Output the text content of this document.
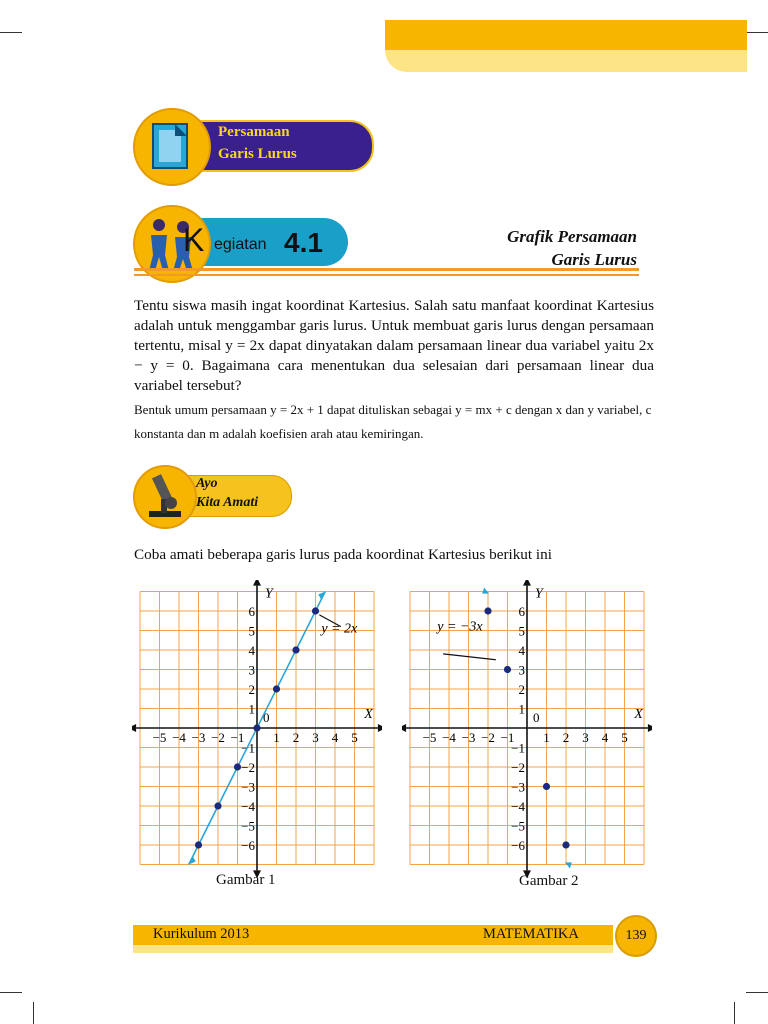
Persamaan
Garis Lurus
K egiatan 4.1	Grafik Persamaan
Garis Lurus
Tentu siswa masih ingat koordinat Kartesius. Salah satu manfaat koordinat Kartesius adalah untuk menggambar garis lurus. Untuk membuat garis lurus dengan persamaan tertentu, misal y = 2x dapat dinyatakan dalam persamaan linear dua variabel yaitu 2x − y = 0. Bagaimana cara menentukan dua selesaian dari persamaan linear dua variabel tersebut?
Bentuk umum persamaan y = 2x + 1 dapat dituliskan sebagai y = mx + c dengan x dan y variabel, c konstanta dan m adalah koefisien arah atau kemiringan.
Ayo
Kita Amati
Coba amati beberapa garis lurus pada koordinat Kartesius berikut ini
−5 −4 −3 −2 −1 1 2 3 4 5
−6
−5
−4
−3
−2
−1
1
2
3
4
5
6
0	X
Y
y = 2x
−5 −4 −3 −2 −1 1 2 3 4 5
−6
−5
−4
−3
−2
−1
1
2
3
4
5
6
0	X
Y
y = −3x
Gambar 1	Gambar 2
Kurikulum 2013	MATEMATIKA	139
